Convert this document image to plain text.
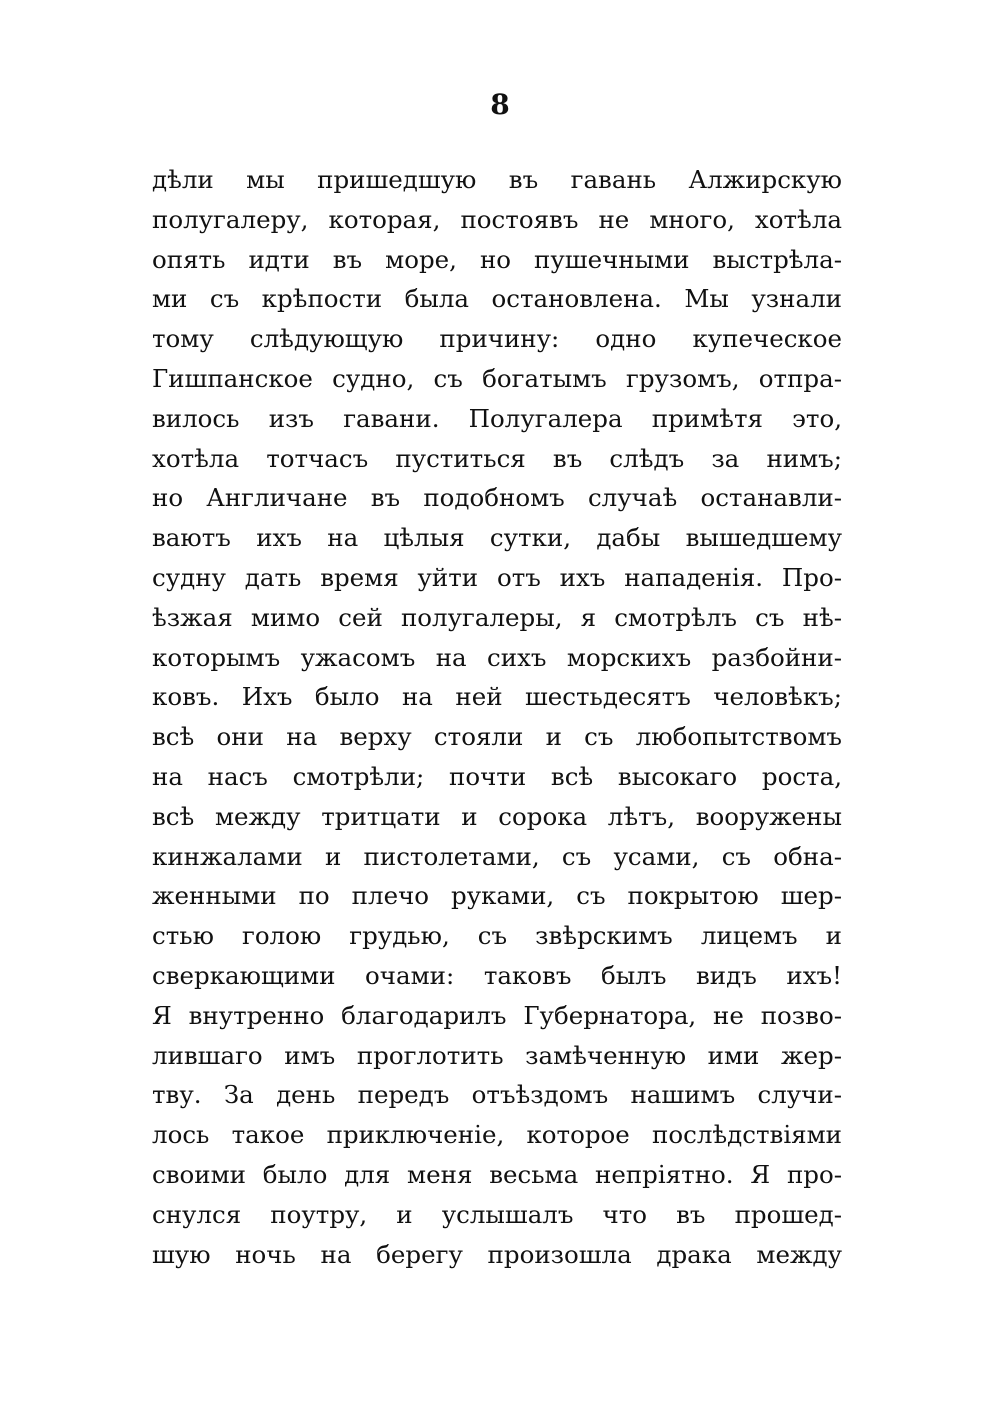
8
дѣли мы пришедшую въ гавань Алжирскую
полугалеру, которая, постоявъ не много, хотѣла
опять идти въ море, но пушечными выстрѣла-
ми съ крѣпости была остановлена. Мы узнали
тому слѣдующую причину: одно купеческое
Гишпанское судно, съ богатымъ грузомъ, отпра-
вилось изъ гавани. Полугалера примѣтя это,
хотѣла тотчасъ пуститься въ слѣдъ за нимъ;
но Англичане въ подобномъ случаѣ останавли-
ваютъ ихъ на цѣлыя сутки, дабы вышедшему
судну дать время уйти отъ ихъ нападенія. Про-
ѣзжая мимо сей полугалеры, я смотрѣлъ съ нѣ-
которымъ ужасомъ на сихъ морскихъ разбойни-
ковъ. Ихъ было на ней шестьдесятъ человѣкъ;
всѣ они на верху стояли и съ любопытствомъ
на насъ смотрѣли; почти всѣ высокаго роста,
всѣ между тритцати и сорока лѣтъ, вооружены
кинжалами и пистолетами, съ усами, съ обна-
женными по плечо руками, съ покрытою шер-
стью голою грудью, съ звѣрскимъ лицемъ и
сверкающими очами: таковъ былъ видъ ихъ!
Я внутренно благодарилъ Губернатора, не позво-
лившаго имъ проглотить замѣченную ими жер-
тву. За день передъ отъѣздомъ нашимъ случи-
лось такое приключеніе, которое послѣдствіями
своими было для меня весьма непріятно. Я про-
снулся поутру, и услышалъ что въ прошед-
шую ночь на берегу произошла драка между
